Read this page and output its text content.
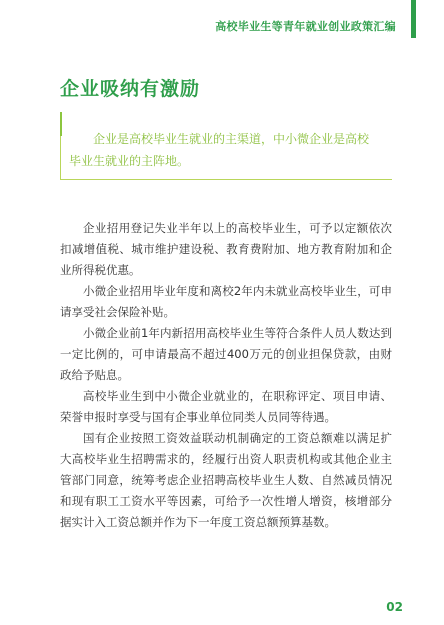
高校毕业生等青年就业创业政策汇编
企业吸纳有激励

企业是高校毕业生就业的主渠道，中小微企业是高校毕业生就业的主阵地。

企业招用登记失业半年以上的高校毕业生，可予以定额依次扣减增值税、城市维护建设税、教育费附加、地方教育附加和企业所得税优惠。

小微企业招用毕业年度和离校2年内未就业高校毕业生，可申请享受社会保险补贴。

小微企业前1年内新招用高校毕业生等符合条件人员人数达到一定比例的，可申请最高不超过400万元的创业担保贷款，由财政给予贴息。

高校毕业生到中小微企业就业的，在职称评定、项目申请、荣誉申报时享受与国有企事业单位同类人员同等待遇。

国有企业按照工资效益联动机制确定的工资总额难以满足扩大高校毕业生招聘需求的，经履行出资人职责机构或其他企业主管部门同意，统筹考虑企业招聘高校毕业生人数、自然减员情况和现有职工工资水平等因素，可给予一次性增人增资，核增部分据实计入工资总额并作为下一年度工资总额预算基数。

02
